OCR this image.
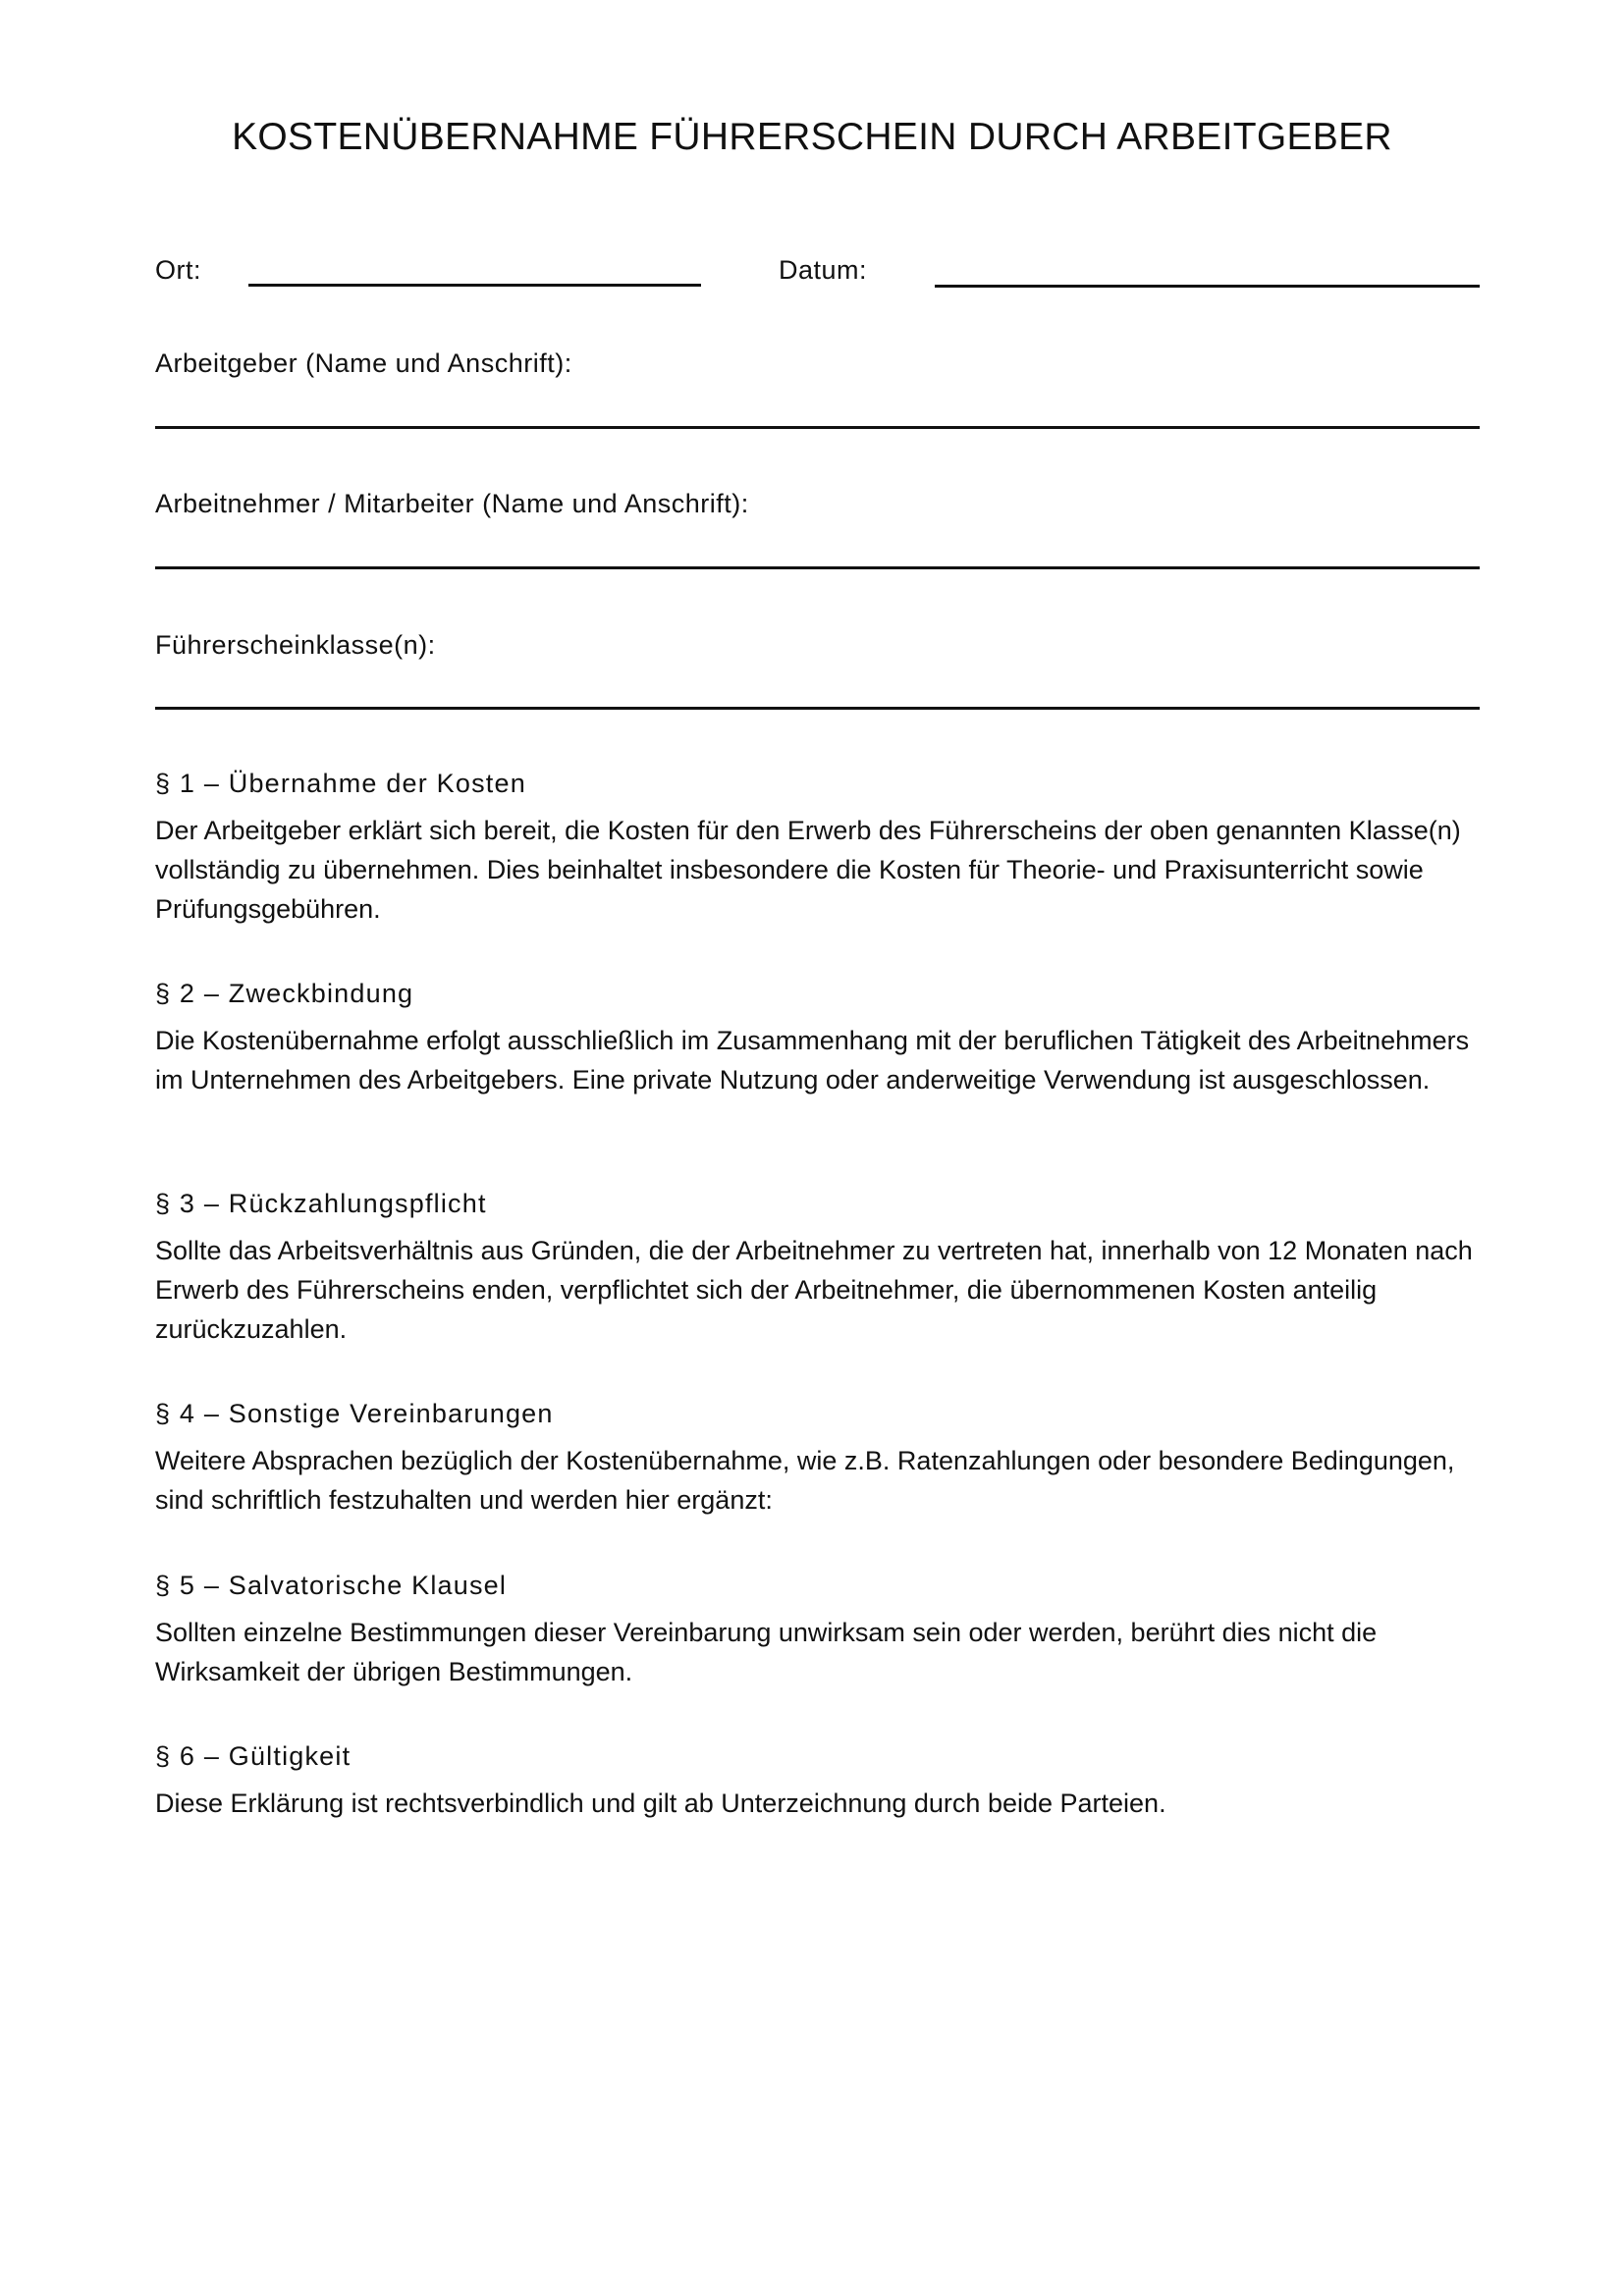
KOSTENÜBERNAHME FÜHRERSCHEIN DURCH ARBEITGEBER
Ort:	Datum:
Arbeitgeber (Name und Anschrift):
Arbeitnehmer / Mitarbeiter (Name und Anschrift):
Führerscheinklasse(n):

§ 1 – Übernahme der Kosten

Der Arbeitgeber erklärt sich bereit, die Kosten für den Erwerb des Führerscheins der oben genannten Klasse(n) vollständig zu übernehmen. Dies beinhaltet insbesondere die Kosten für Theorie- und Praxisunterricht sowie Prüfungsgebühren.

§ 2 – Zweckbindung

Die Kostenübernahme erfolgt ausschließlich im Zusammenhang mit der beruflichen Tätigkeit des Arbeitnehmers im Unternehmen des Arbeitgebers. Eine private Nutzung oder anderweitige Verwendung ist ausgeschlossen.

§ 3 – Rückzahlungspflicht

Sollte das Arbeitsverhältnis aus Gründen, die der Arbeitnehmer zu vertreten hat, innerhalb von 12 Monaten nach Erwerb des Führerscheins enden, verpflichtet sich der Arbeitnehmer, die übernommenen Kosten anteilig zurückzuzahlen.

§ 4 – Sonstige Vereinbarungen

Weitere Absprachen bezüglich der Kostenübernahme, wie z.B. Ratenzahlungen oder besondere Bedingungen, sind schriftlich festzuhalten und werden hier ergänzt:

§ 5 – Salvatorische Klausel

Sollten einzelne Bestimmungen dieser Vereinbarung unwirksam sein oder werden, berührt dies nicht die Wirksamkeit der übrigen Bestimmungen.

§ 6 – Gültigkeit

Diese Erklärung ist rechtsverbindlich und gilt ab Unterzeichnung durch beide Parteien.
